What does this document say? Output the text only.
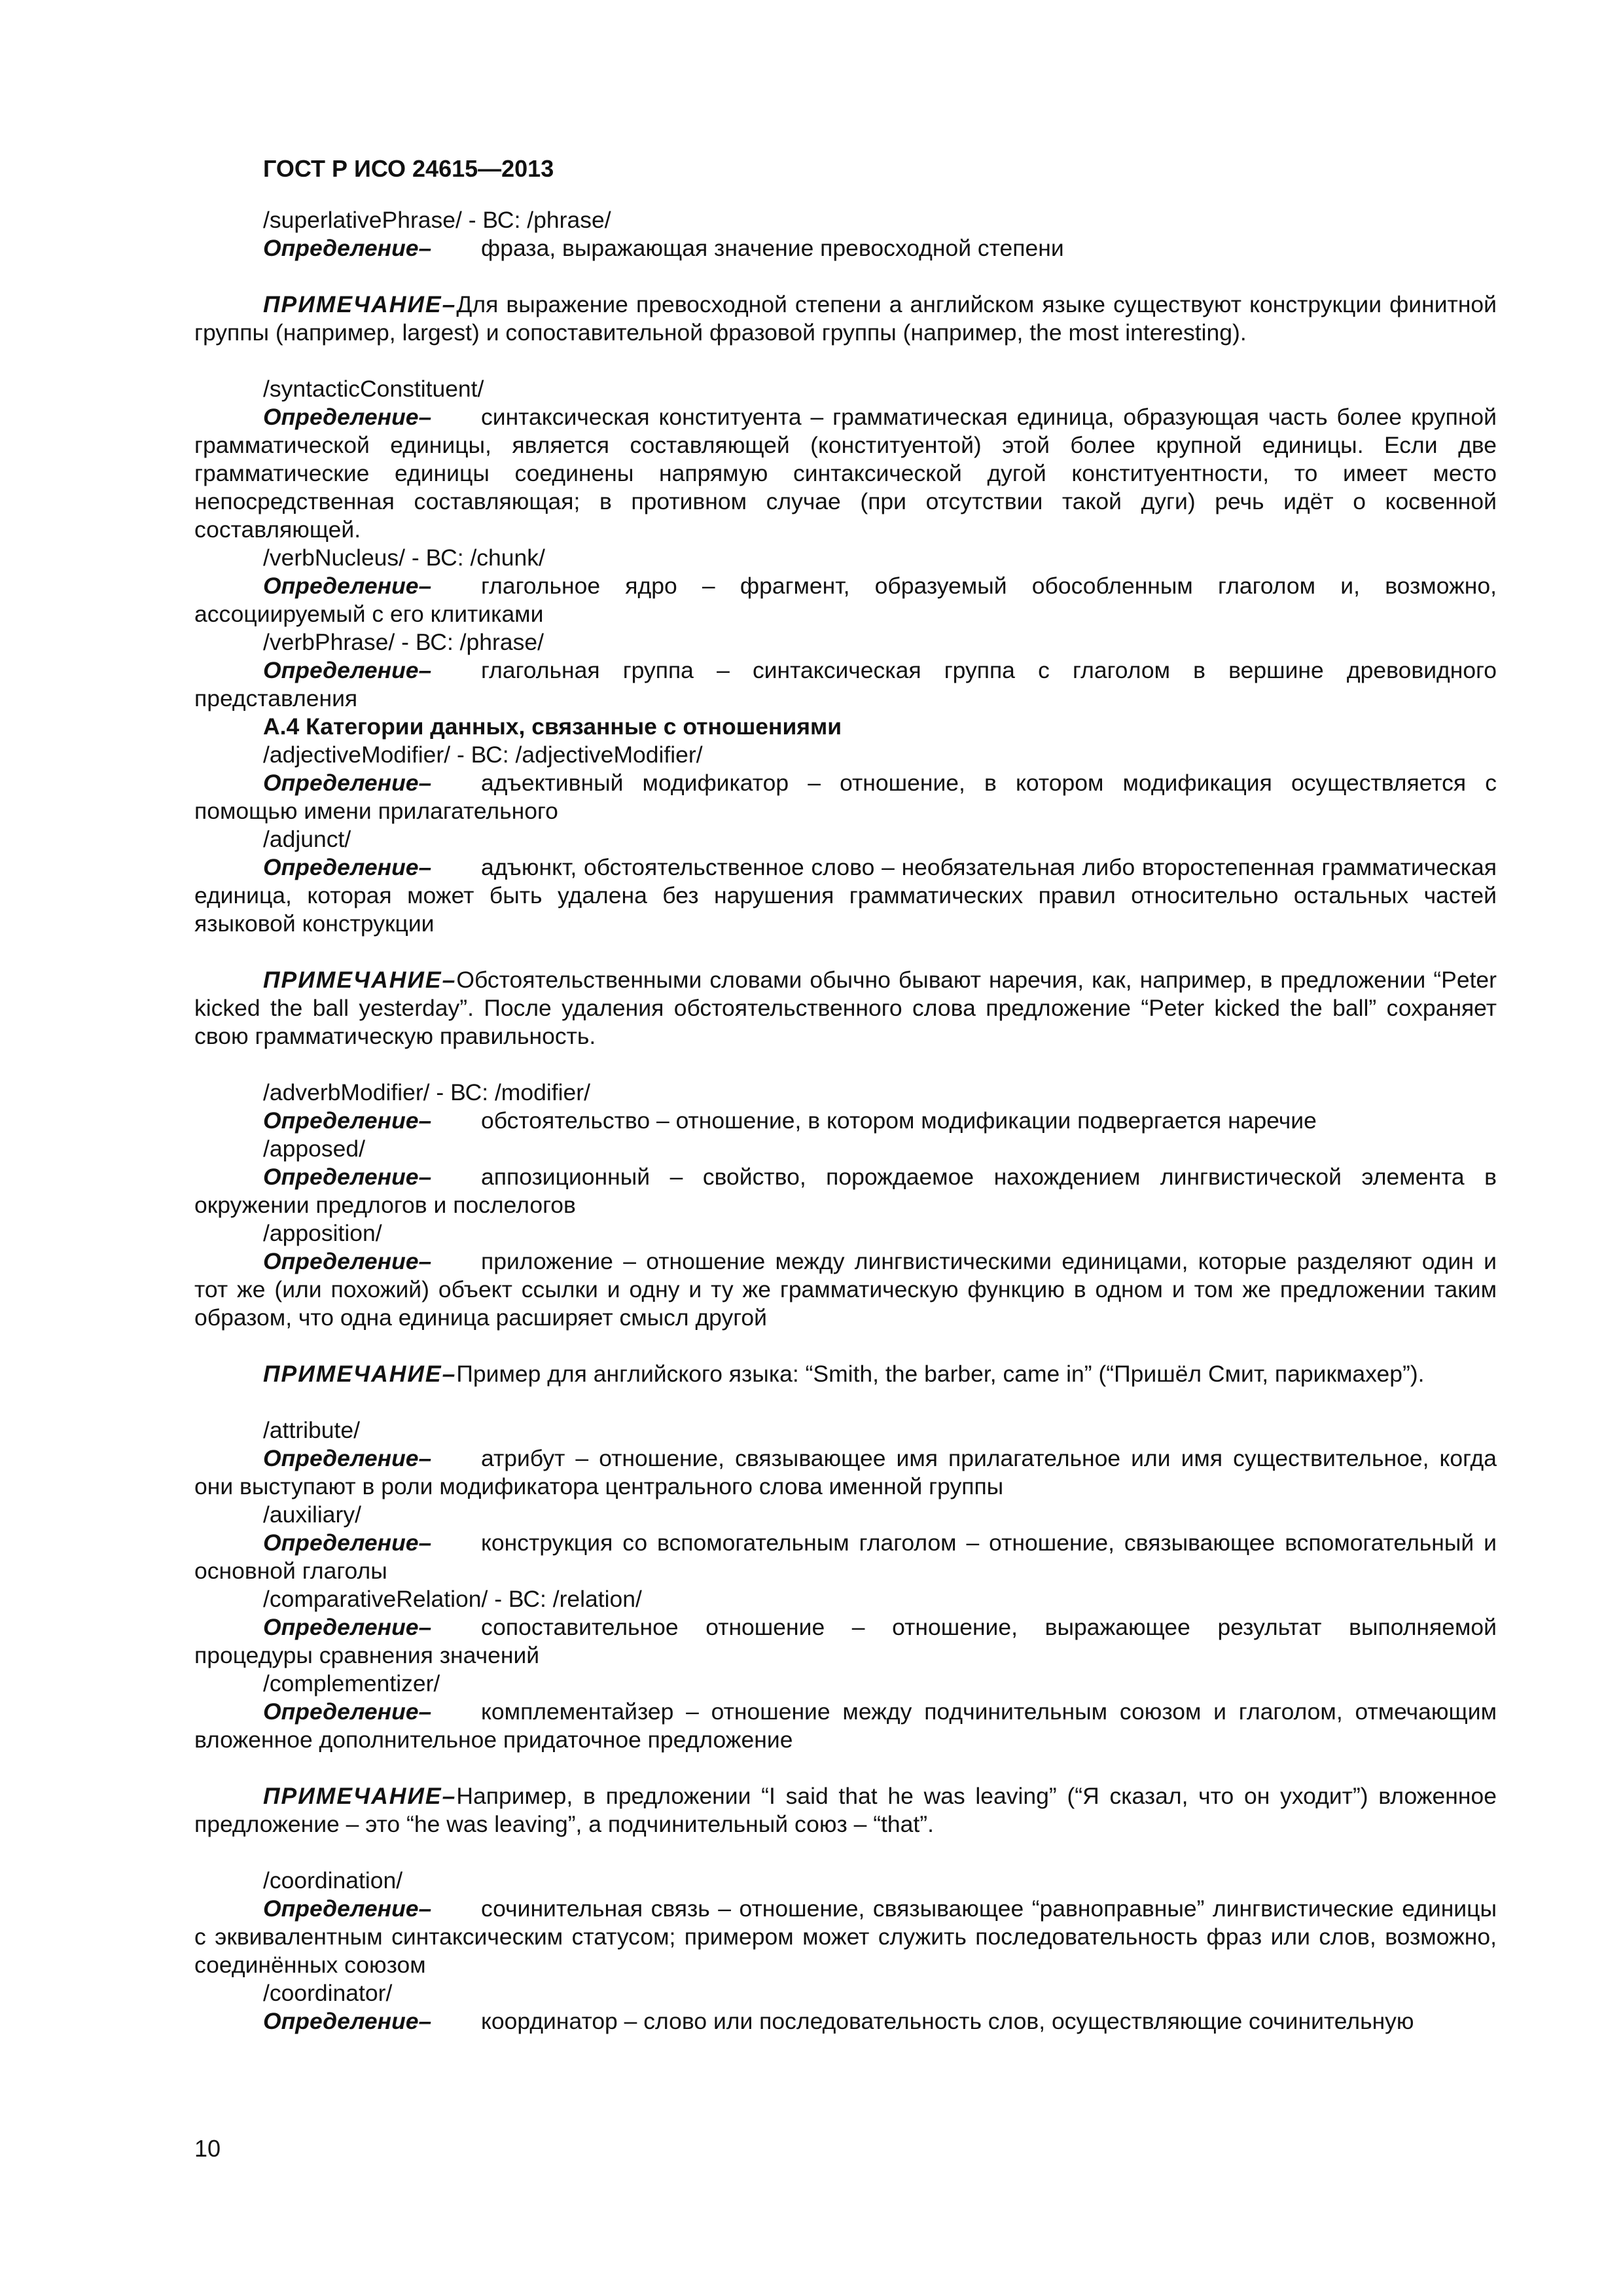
ГОСТ Р ИСО 24615—2013
/superlativePhrase/ - ВС: /phrase/
Определение– фраза, выражающая значение превосходной степени
ПРИМЕЧАНИЕ–Для выражение превосходной степени а английском языке существуют конструкции финитной группы (например, largest) и сопоставительной фразовой группы (например, the most interesting).
/syntacticConstituent/
Определение– синтаксическая конституента – грамматическая единица, образующая часть более крупной грамматической единицы, является составляющей (конституентой) этой более крупной единицы. Если две грамматические единицы соединены напрямую синтаксической дугой конституентности, то имеет место непосредственная составляющая; в противном случае (при отсутствии такой дуги) речь идёт о косвенной составляющей.
/verbNucleus/ - ВС: /chunk/
Определение– глагольное ядро – фрагмент, образуемый обособленным глаголом и, возможно, ассоциируемый с его клитиками
/verbPhrase/ - ВС: /phrase/
Определение– глагольная группа – синтаксическая группа с глаголом в вершине древовидного представления
А.4 Категории данных, связанные с отношениями
/adjectiveModifier/ - ВС: /adjectiveModifier/
Определение– адъективный модификатор – отношение, в котором модификация осуществляется с помощью имени прилагательного
/adjunct/
Определение– адъюнкт, обстоятельственное слово – необязательная либо второстепенная грамматическая единица, которая может быть удалена без нарушения грамматических правил относительно остальных частей языковой конструкции
ПРИМЕЧАНИЕ–Обстоятельственными словами обычно бывают наречия, как, например, в предложении “Peter kicked the ball yesterday”. После удаления обстоятельственного слова предложение “Peter kicked the ball” сохраняет свою грамматическую правильность.
/adverbModifier/ - ВС: /modifier/
Определение– обстоятельство – отношение, в котором модификации подвергается наречие
/apposed/
Определение– аппозиционный – свойство, порождаемое нахождением лингвистической элемента в окружении предлогов и послелогов
/apposition/
Определение– приложение – отношение между лингвистическими единицами, которые разделяют один и тот же (или похожий) объект ссылки и одну и ту же грамматическую функцию в одном и том же предложении таким образом, что одна единица расширяет смысл другой
ПРИМЕЧАНИЕ–Пример для английского языка: “Smith, the barber, came in” (“Пришёл Смит, парикмахер”).
/attribute/
Определение– атрибут – отношение, связывающее имя прилагательное или имя существительное, когда они выступают в роли модификатора центрального слова именной группы
/auxiliary/
Определение– конструкция со вспомогательным глаголом – отношение, связывающее вспомогательный и основной глаголы
/comparativeRelation/ - ВС: /relation/
Определение– сопоставительное отношение – отношение, выражающее результат выполняемой процедуры сравнения значений
/complementizer/
Определение– комплементайзер – отношение между подчинительным союзом и глаголом, отмечающим вложенное дополнительное придаточное предложение
ПРИМЕЧАНИЕ–Например, в предложении “I said that he was leaving” (“Я сказал, что он уходит”) вложенное предложение – это “he was leaving”, а подчинительный союз – “that”.
/coordination/
Определение– сочинительная связь – отношение, связывающее “равноправные” лингвистические единицы с эквивалентным синтаксическим статусом; примером может служить последовательность фраз или слов, возможно, соединённых союзом
/coordinator/
Определение– координатор – слово или последовательность слов, осуществляющие сочинительную
10
